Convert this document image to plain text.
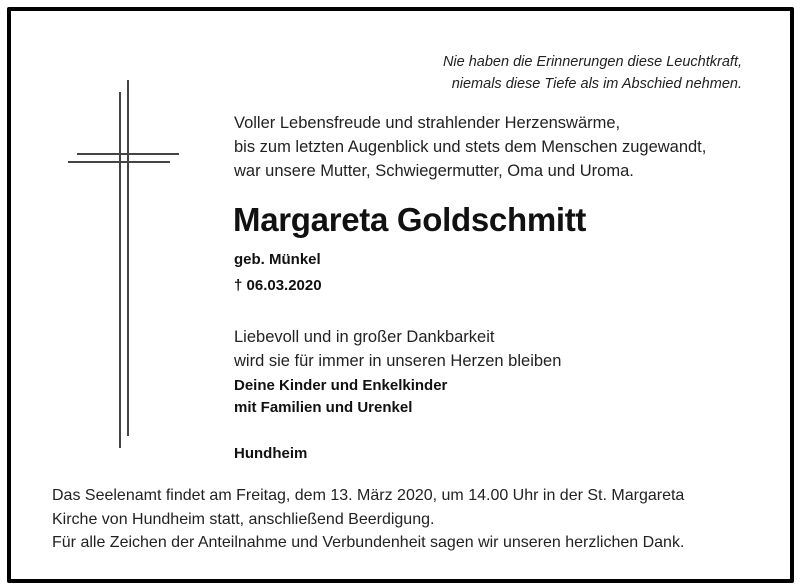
Nie haben die Erinnerungen diese Leuchtkraft,
niemals diese Tiefe als im Abschied nehmen.
Voller Lebensfreude und strahlender Herzenswärme,
bis zum letzten Augenblick und stets dem Menschen zugewandt,
war unsere Mutter, Schwiegermutter, Oma und Uroma.
Margareta Goldschmitt
geb. Münkel
† 06.03.2020
Liebevoll und in großer Dankbarkeit
wird sie für immer in unseren Herzen bleiben
Deine Kinder und Enkelkinder
mit Familien und Urenkel
Hundheim
Das Seelenamt findet am Freitag, dem 13. März 2020, um 14.00 Uhr in der St. Margareta
Kirche von Hundheim statt, anschließend Beerdigung.
Für alle Zeichen der Anteilnahme und Verbundenheit sagen wir unseren herzlichen Dank.
